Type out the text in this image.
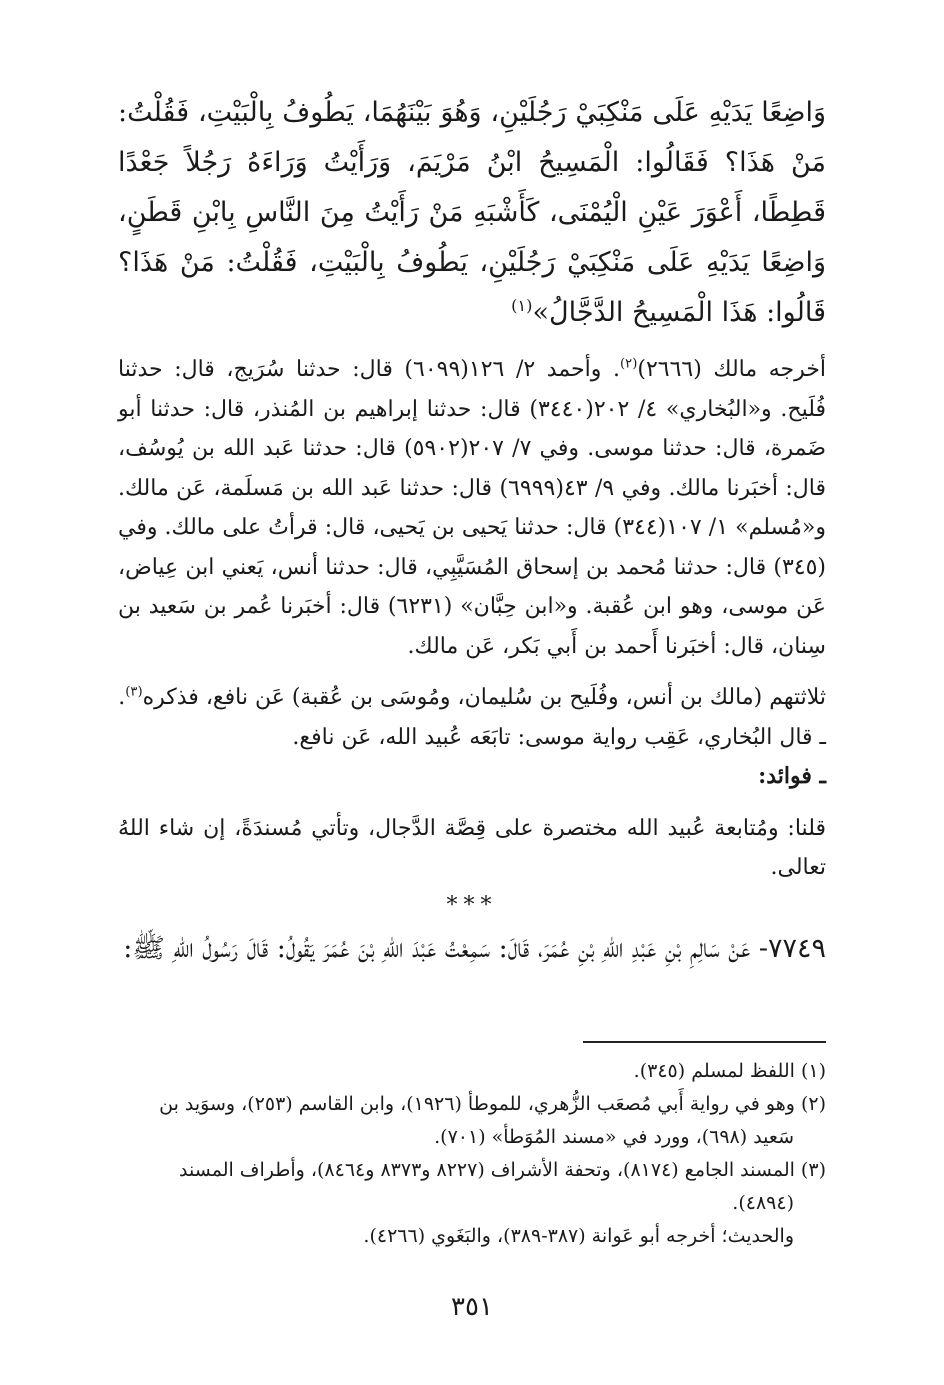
وَاضِعًا يَدَيْهِ عَلَى مَنْكِبَيْ رَجُلَيْنِ، وَهُوَ بَيْنَهُمَا، يَطُوفُ بِالْبَيْتِ، فَقُلْتُ: مَنْ هَذَا؟ فَقَالُوا: الْمَسِيحُ ابْنُ مَرْيَمَ، وَرَأَيْتُ وَرَاءَهُ رَجُلاً جَعْدًا قَطِطًا، أَعْوَرَ عَيْنِ الْيُمْنَى، كَأَشْبَهِ مَنْ رَأَيْتُ مِنَ النَّاسِ بِابْنِ قَطَنٍ، وَاضِعًا يَدَيْهِ عَلَى مَنْكِبَيْ رَجُلَيْنِ، يَطُوفُ بِالْبَيْتِ، فَقُلْتُ: مَنْ هَذَا؟ قَالُوا: هَذَا الْمَسِيحُ الدَّجَّالُ»$^{(١)}$

أخرجه مالك (٢٦٦٦)$^{(٢)}$. وأحمد ٢/ ١٢٦(٦٠٩٩) قال: حدثنا سُرَيج، قال: حدثنا فُلَيح. و«البُخاري» ٤/ ٢٠٢(٣٤٤٠) قال: حدثنا إبراهيم بن المُنذر، قال: حدثنا أبو ضَمرة، قال: حدثنا موسى. وفي ٧/ ٢٠٧(٥٩٠٢) قال: حدثنا عَبد الله بن يُوسُف، قال: أخبَرنا مالك. وفي ٩/ ٤٣(٦٩٩٩) قال: حدثنا عَبد الله بن مَسلَمة، عَن مالك. و«مُسلم» ١/ ١٠٧(٣٤٤) قال: حدثنا يَحيى بن يَحيى، قال: قرأتُ على مالك. وفي (٣٤٥) قال: حدثنا مُحمد بن إسحاق المُسَيَّبِي، قال: حدثنا أنس، يَعني ابن عِياض، عَن موسى، وهو ابن عُقبة. و«ابن حِبَّان» (٦٢٣١) قال: أخبَرنا عُمر بن سَعيد بن سِنان، قال: أخبَرنا أَحمد بن أَبي بَكر، عَن مالك.

ثلاثتهم (مالك بن أنس، وفُلَيح بن سُليمان، ومُوسَى بن عُقبة) عَن نافع، فذكره$^{(٣)}$.

ـ قال البُخاري، عَقِب رواية موسى: تابَعَه عُبيد الله، عَن نافع.

ـ فوائد:

قلنا: ومُتابعة عُبيد الله مختصرة على قِصَّة الدَّجال، وتأتي مُسندَةً، إن شاء اللهُ تعالى.

***

٧٧٤٩- عَنْ سَالِمِ بْنِ عَبْدِ اللهِ بْنِ عُمَرَ، قَالَ: سَمِعْتُ عَبْدَ اللهِ بْنَ عُمَرَ يَقُولُ: قَالَ رَسُولُ اللهِ ﷺ:

(١) اللفظ لمسلم (٣٤٥).

(٢) وهو في رواية أَبي مُصعَب الزُّهري، للموطأ (١٩٢٦)، وابن القاسم (٢٥٣)، وسوَيد بن

سَعيد (٦٩٨)، وورد في «مسند المُوَطأ» (٧٠١).

(٣) المسند الجامع (٨١٧٤)، وتحفة الأشراف (٨٢٢٧ و٨٣٧٣ و٨٤٦٤)، وأطراف المسند

(٤٨٩٤).

والحديث؛ أخرجه أبو عَوانة (٣٨٧-٣٨٩)، والبَغَوي (٤٢٦٦).

٣٥١
